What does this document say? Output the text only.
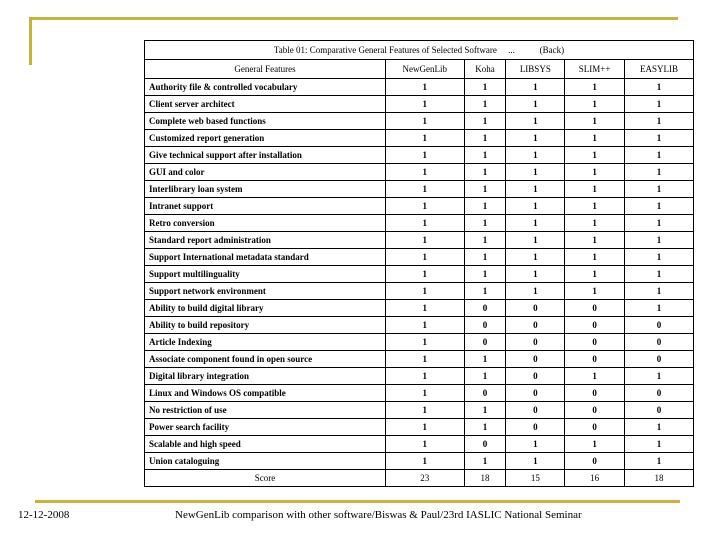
Table 01: Comparative General Features of Selected Software ... (Back)					
General Features	NewGenLib	Koha	LIBSYS	SLIM++	EASYLIB
Authority file & controlled vocabulary	1	1	1	1	1
Client server architect	1	1	1	1	1
Complete web based functions	1	1	1	1	1
Customized report generation	1	1	1	1	1
Give technical support after installation	1	1	1	1	1
GUI and color	1	1	1	1	1
Interlibrary loan system	1	1	1	1	1
Intranet support	1	1	1	1	1
Retro conversion	1	1	1	1	1
Standard report administration	1	1	1	1	1
Support International metadata standard	1	1	1	1	1
Support multilinguality	1	1	1	1	1
Support network environment	1	1	1	1	1
Ability to build digital library	1	0	0	0	1
Ability to build repository	1	0	0	0	0
Article Indexing	1	0	0	0	0
Associate component found in open source	1	1	0	0	0
Digital library integration	1	1	0	1	1
Linux and Windows OS compatible	1	0	0	0	0
No restriction of use	1	1	0	0	0
Power search facility	1	1	0	0	1
Scalable and high speed	1	0	1	1	1
Union cataloguing	1	1	1	0	1
Score	23	18	15	16	18
12-12-2008	NewGenLib comparison with other software/Biswas & Paul/23rd IASLIC National Seminar
